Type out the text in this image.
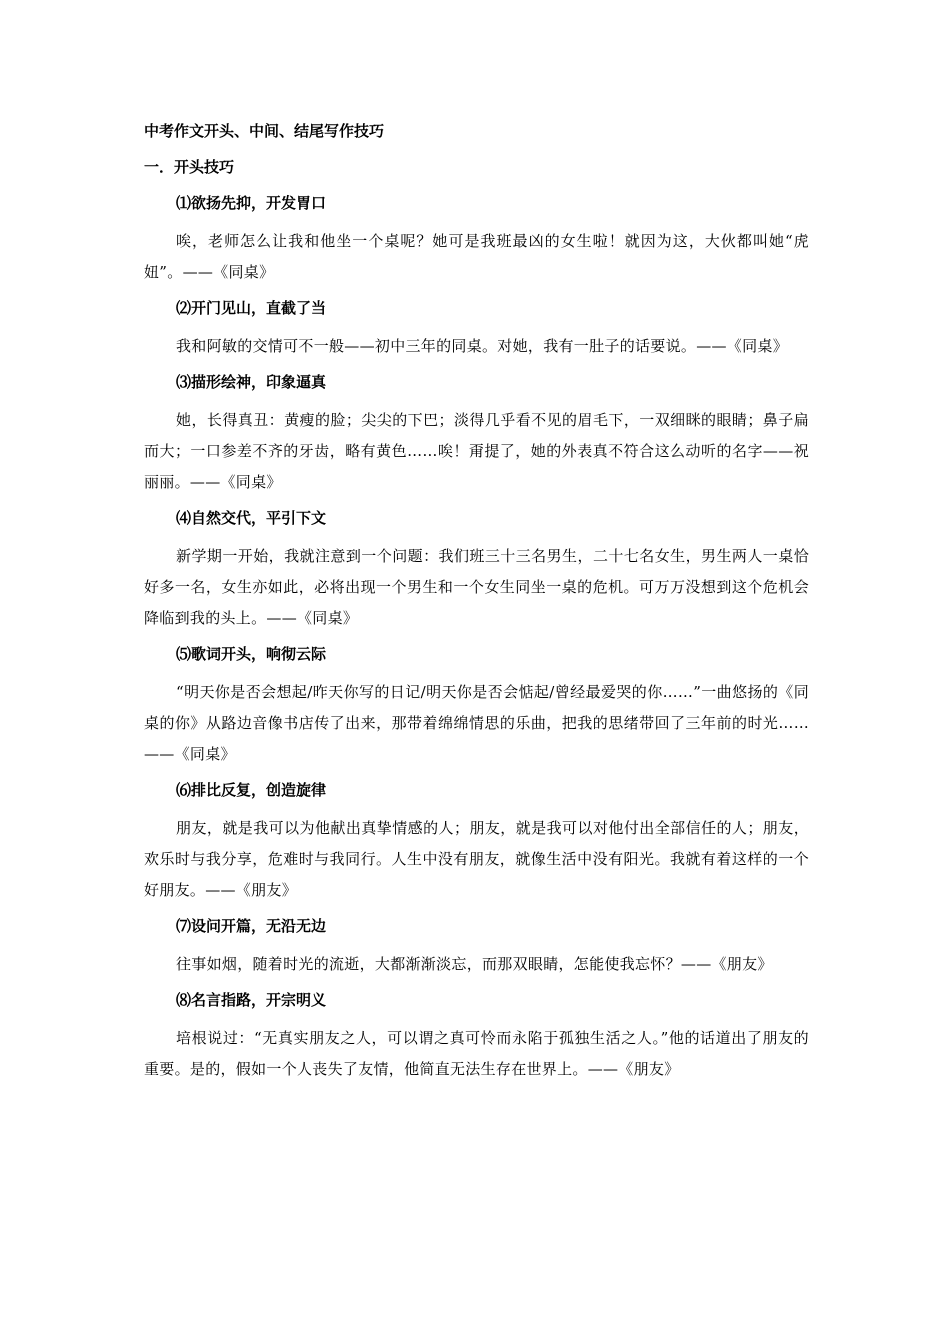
中考作文开头、中间、结尾写作技巧
一．开头技巧
⑴欲扬先抑，开发胃口
唉，老师怎么让我和他坐一个桌呢？她可是我班最凶的女生啦！就因为这，大伙都叫她“虎妞”。——《同桌》
⑵开门见山，直截了当
我和阿敏的交情可不一般——初中三年的同桌。对她，我有一肚子的话要说。——《同桌》
⑶描形绘神，印象逼真
她，长得真丑：黄瘦的脸；尖尖的下巴；淡得几乎看不见的眉毛下，一双细眯的眼睛；鼻子扁而大；一口参差不齐的牙齿，略有黄色……唉！甭提了，她的外表真不符合这么动听的名字——祝丽丽。——《同桌》
⑷自然交代，平引下文
新学期一开始，我就注意到一个问题：我们班三十三名男生，二十七名女生，男生两人一桌恰好多一名，女生亦如此，必将出现一个男生和一个女生同坐一桌的危机。可万万没想到这个危机会降临到我的头上。——《同桌》
⑸歌词开头，响彻云际
“明天你是否会想起/昨天你写的日记/明天你是否会惦起/曾经最爱哭的你……”一曲悠扬的《同桌的你》从路边音像书店传了出来，那带着绵绵情思的乐曲，把我的思绪带回了三年前的时光……——《同桌》
⑹排比反复，创造旋律
朋友，就是我可以为他献出真挚情感的人；朋友，就是我可以对他付出全部信任的人；朋友，欢乐时与我分享，危难时与我同行。人生中没有朋友，就像生活中没有阳光。我就有着这样的一个好朋友。——《朋友》
⑺设问开篇，无沿无边
往事如烟，随着时光的流逝，大都渐渐淡忘，而那双眼睛，怎能使我忘怀？——《朋友》
⑻名言指路，开宗明义
培根说过：“无真实朋友之人，可以谓之真可怜而永陷于孤独生活之人。”他的话道出了朋友的重要。是的，假如一个人丧失了友情，他简直无法生存在世界上。——《朋友》
